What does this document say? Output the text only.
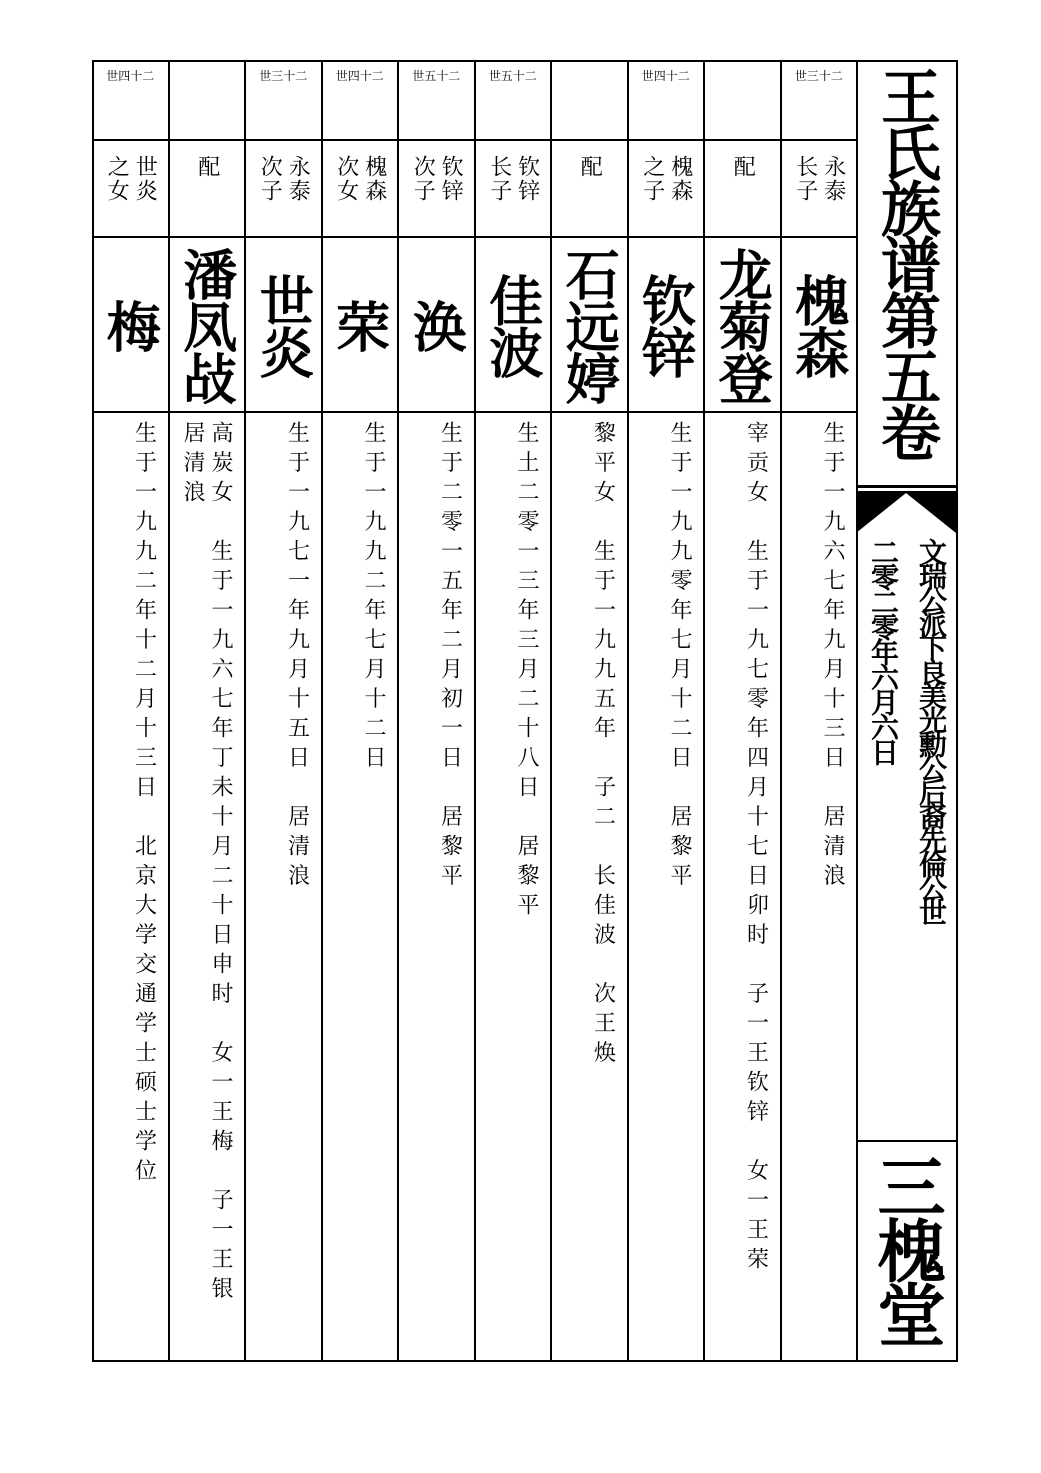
世三十二
永泰
长子
槐森
生于一九六七年九月十三日　居清浪
配
龙菊登
宰贡女　生于一九七零年四月十七日卯时　子一王钦锌　女一王荣
世四十二
槐森
之子
钦锌
生于一九九零年七月十二日　居黎平
配
石远婷
黎平女　生于一九九五年　子二　长佳波　次王焕
世五十二
钦锌
长子
佳波
生土二零一三年三月二十八日　居黎平
世五十二
钦锌
次子
涣
生于二零一五年二月初一日　居黎平
世四十二
槐森
次女
荣
生于一九九二年七月十二日
世三十二
永泰
次子
世炎
生于一九七一年九月十五日　居清浪
配
潘凤敁
高炭女　生于一九六七年丁未十月二十日申时　女一王梅　子一王银　居清浪
世四十二
世炎
之女
梅
生于一九九二年十二月十三日　北京大学交通学士硕士学位
王氏族谱第五卷
文瑞公派下良美光勳公后裔先倫公世
二零二零年六月六日
三槐堂
